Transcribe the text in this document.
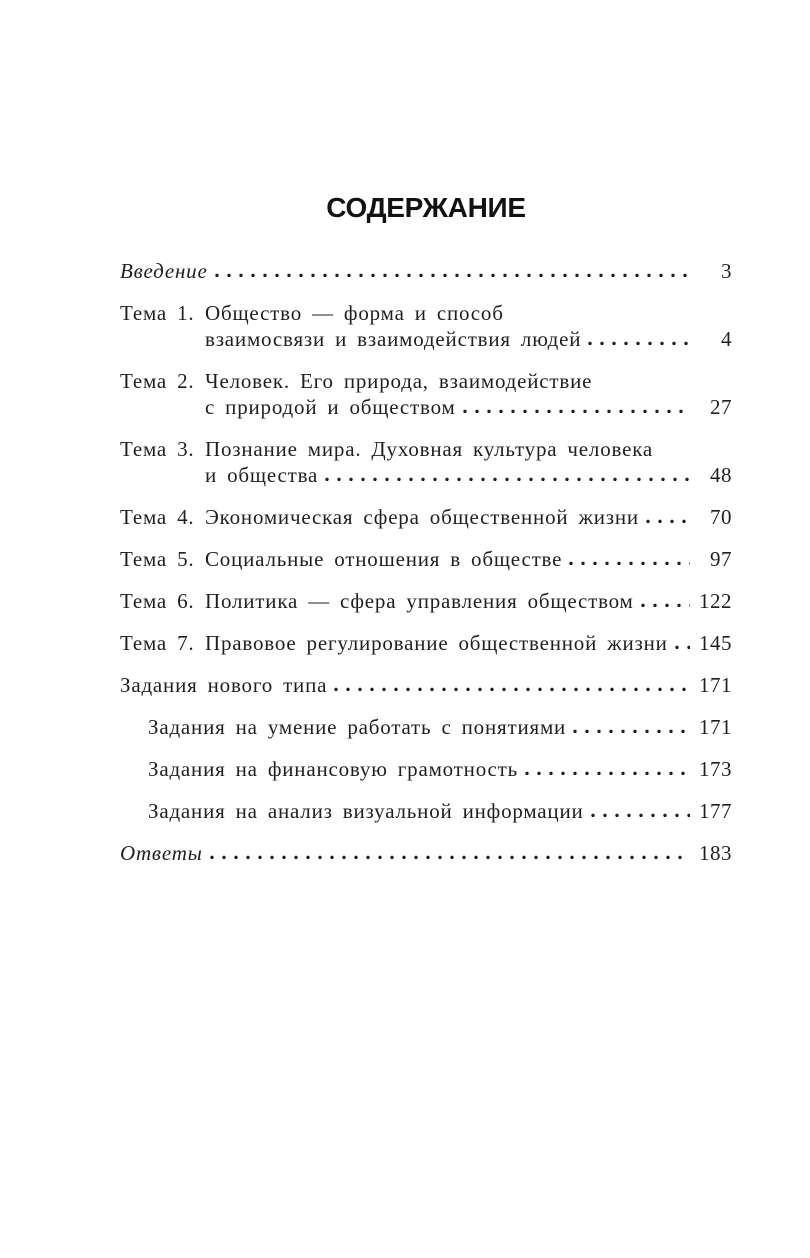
СОДЕРЖАНИЕ
Введение	3
Тема 1. Общество — форма и способ
взаимосвязи и взаимодействия людей	4
Тема 2. Человек. Его природа, взаимодействие
с природой и обществом	27
Тема 3. Познание мира. Духовная культура человека
и общества	48
Тема 4. Экономическая сфера общественной жизни	70
Тема 5. Социальные отношения в обществе	97
Тема 6. Политика — сфера управления обществом	122
Тема 7. Правовое регулирование общественной жизни 145
Задания нового типа	171
Задания на умение работать с понятиями	171
Задания на финансовую грамотность	173
Задания на анализ визуальной информации	177
Ответы	183
